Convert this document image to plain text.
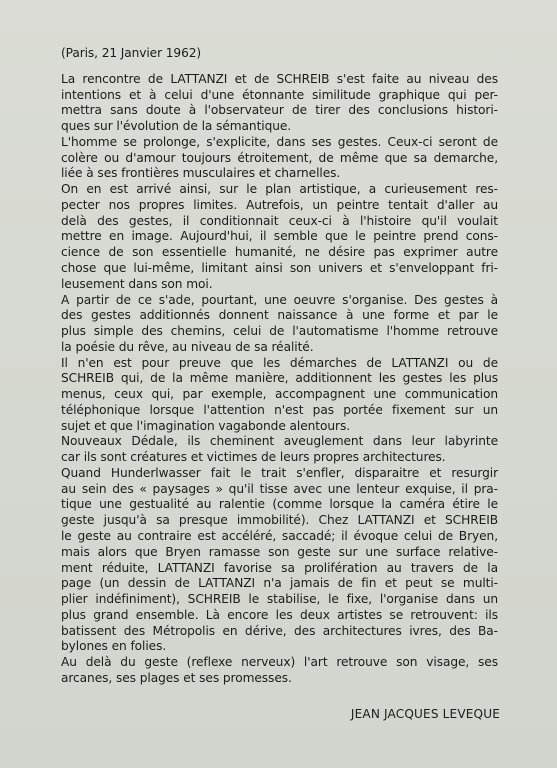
(Paris, 21 Janvier 1962)
La rencontre de LATTANZI et de SCHREIB s'est faite au niveau des
intentions et à celui d'une étonnante similitude graphique qui per-
mettra sans doute à l'observateur de tirer des conclusions histori-
ques sur l'évolution de la sémantique.
L'homme se prolonge, s'explicite, dans ses gestes. Ceux-ci seront de
colère ou d'amour toujours étroitement, de même que sa demarche,
liée à ses frontières musculaires et charnelles.
On en est arrivé ainsi, sur le plan artistique, a curieusement res-
pecter nos propres limites. Autrefois, un peintre tentait d'aller au
delà des gestes, il conditionnait ceux-ci à l'histoire qu'il voulait
mettre en image. Aujourd'hui, il semble que le peintre prend cons-
cience de son essentielle humanité, ne désire pas exprimer autre
chose que lui-même, limitant ainsi son univers et s'enveloppant fri-
leusement dans son moi.
A partir de ce s'ade, pourtant, une oeuvre s'organise. Des gestes à
des gestes additionnés donnent naissance à une forme et par le
plus simple des chemins, celui de l'automatisme l'homme retrouve
la poésie du rêve, au niveau de sa réalité.
Il n'en est pour preuve que les démarches de LATTANZI ou de
SCHREIB qui, de la même manière, additionnent les gestes les plus
menus, ceux qui, par exemple, accompagnent une communication
téléphonique lorsque l'attention n'est pas portée fixement sur un
sujet et que l'imagination vagabonde alentours.
Nouveaux Dédale, ils cheminent aveuglement dans leur labyrinte
car ils sont créatures et victimes de leurs propres architectures.
Quand Hunderlwasser fait le trait s'enfler, disparaitre et resurgir
au sein des « paysages » qu'il tisse avec une lenteur exquise, il pra-
tique une gestualité au ralentie (comme lorsque la caméra étire le
geste jusqu'à sa presque immobilité). Chez LATTANZI et SCHREIB
le geste au contraire est accéléré, saccadé; il évoque celui de Bryen,
mais alors que Bryen ramasse son geste sur une surface relative-
ment réduite, LATTANZI favorise sa prolifération au travers de la
page (un dessin de LATTANZI n'a jamais de fin et peut se multi-
plier indéfiniment), SCHREIB le stabilise, le fixe, l'organise dans un
plus grand ensemble. Là encore les deux artistes se retrouvent: ils
batissent des Métropolis en dérive, des architectures ivres, des Ba-
bylones en folies.
Au delà du geste (reflexe nerveux) l'art retrouve son visage, ses
arcanes, ses plages et ses promesses.
JEAN JACQUES LEVEQUE
